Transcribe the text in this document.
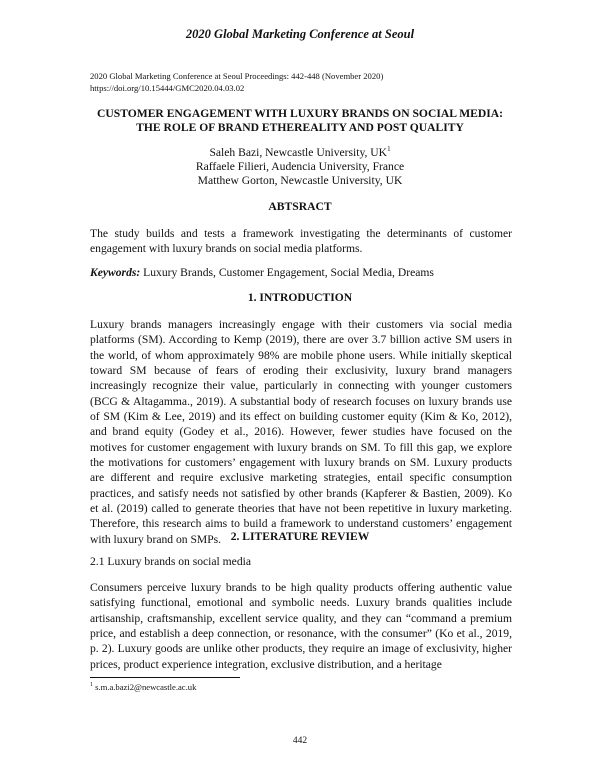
2020 Global Marketing Conference at Seoul
2020 Global Marketing Conference at Seoul Proceedings: 442-448 (November 2020)
https://doi.org/10.15444/GMC2020.04.03.02
CUSTOMER ENGAGEMENT WITH LUXURY BRANDS ON SOCIAL MEDIA:
THE ROLE OF BRAND ETHEREALITY AND POST QUALITY
Saleh Bazi, Newcastle University, $UK^1$
Raffaele Filieri, Audencia University, France
Matthew Gorton, Newcastle University, UK
ABTSRACT
The study builds and tests a framework investigating the determinants of customer engagement with luxury brands on social media platforms.
Keywords: Luxury Brands, Customer Engagement, Social Media, Dreams
1. INTRODUCTION
Luxury brands managers increasingly engage with their customers via social media platforms (SM). According to Kemp (2019), there are over 3.7 billion active SM users in the world, of whom approximately 98% are mobile phone users. While initially skeptical toward SM because of fears of eroding their exclusivity, luxury brand managers increasingly recognize their value, particularly in connecting with younger customers (BCG & Altagamma., 2019). A substantial body of research focuses on luxury brands use of SM (Kim & Lee, 2019) and its effect on building customer equity (Kim & Ko, 2012), and brand equity (Godey et al., 2016). However, fewer studies have focused on the motives for customer engagement with luxury brands on SM. To fill this gap, we explore the motivations for customers’ engagement with luxury brands on SM. Luxury products are different and require exclusive marketing strategies, entail specific consumption practices, and satisfy needs not satisfied by other brands (Kapferer & Bastien, 2009). Ko et al. (2019) called to generate theories that have not been repetitive in luxury marketing. Therefore, this research aims to build a framework to understand customers’ engagement with luxury brand on SMPs. 2. LITERATURE REVIEW
2.1 Luxury brands on social media
Consumers perceive luxury brands to be high quality products offering authentic value satisfying functional, emotional and symbolic needs. Luxury brands qualities include artisanship, craftsmanship, excellent service quality, and they can “command a premium price, and establish a deep connection, or resonance, with the consumer” (Ko et al., 2019, p. 2). Luxury goods are unlike other products, they require an image of exclusivity, higher prices, product experience integration, exclusive distribution, and a heritage
$^1$ s.m.a.bazi2@newcastle.ac.uk
442
